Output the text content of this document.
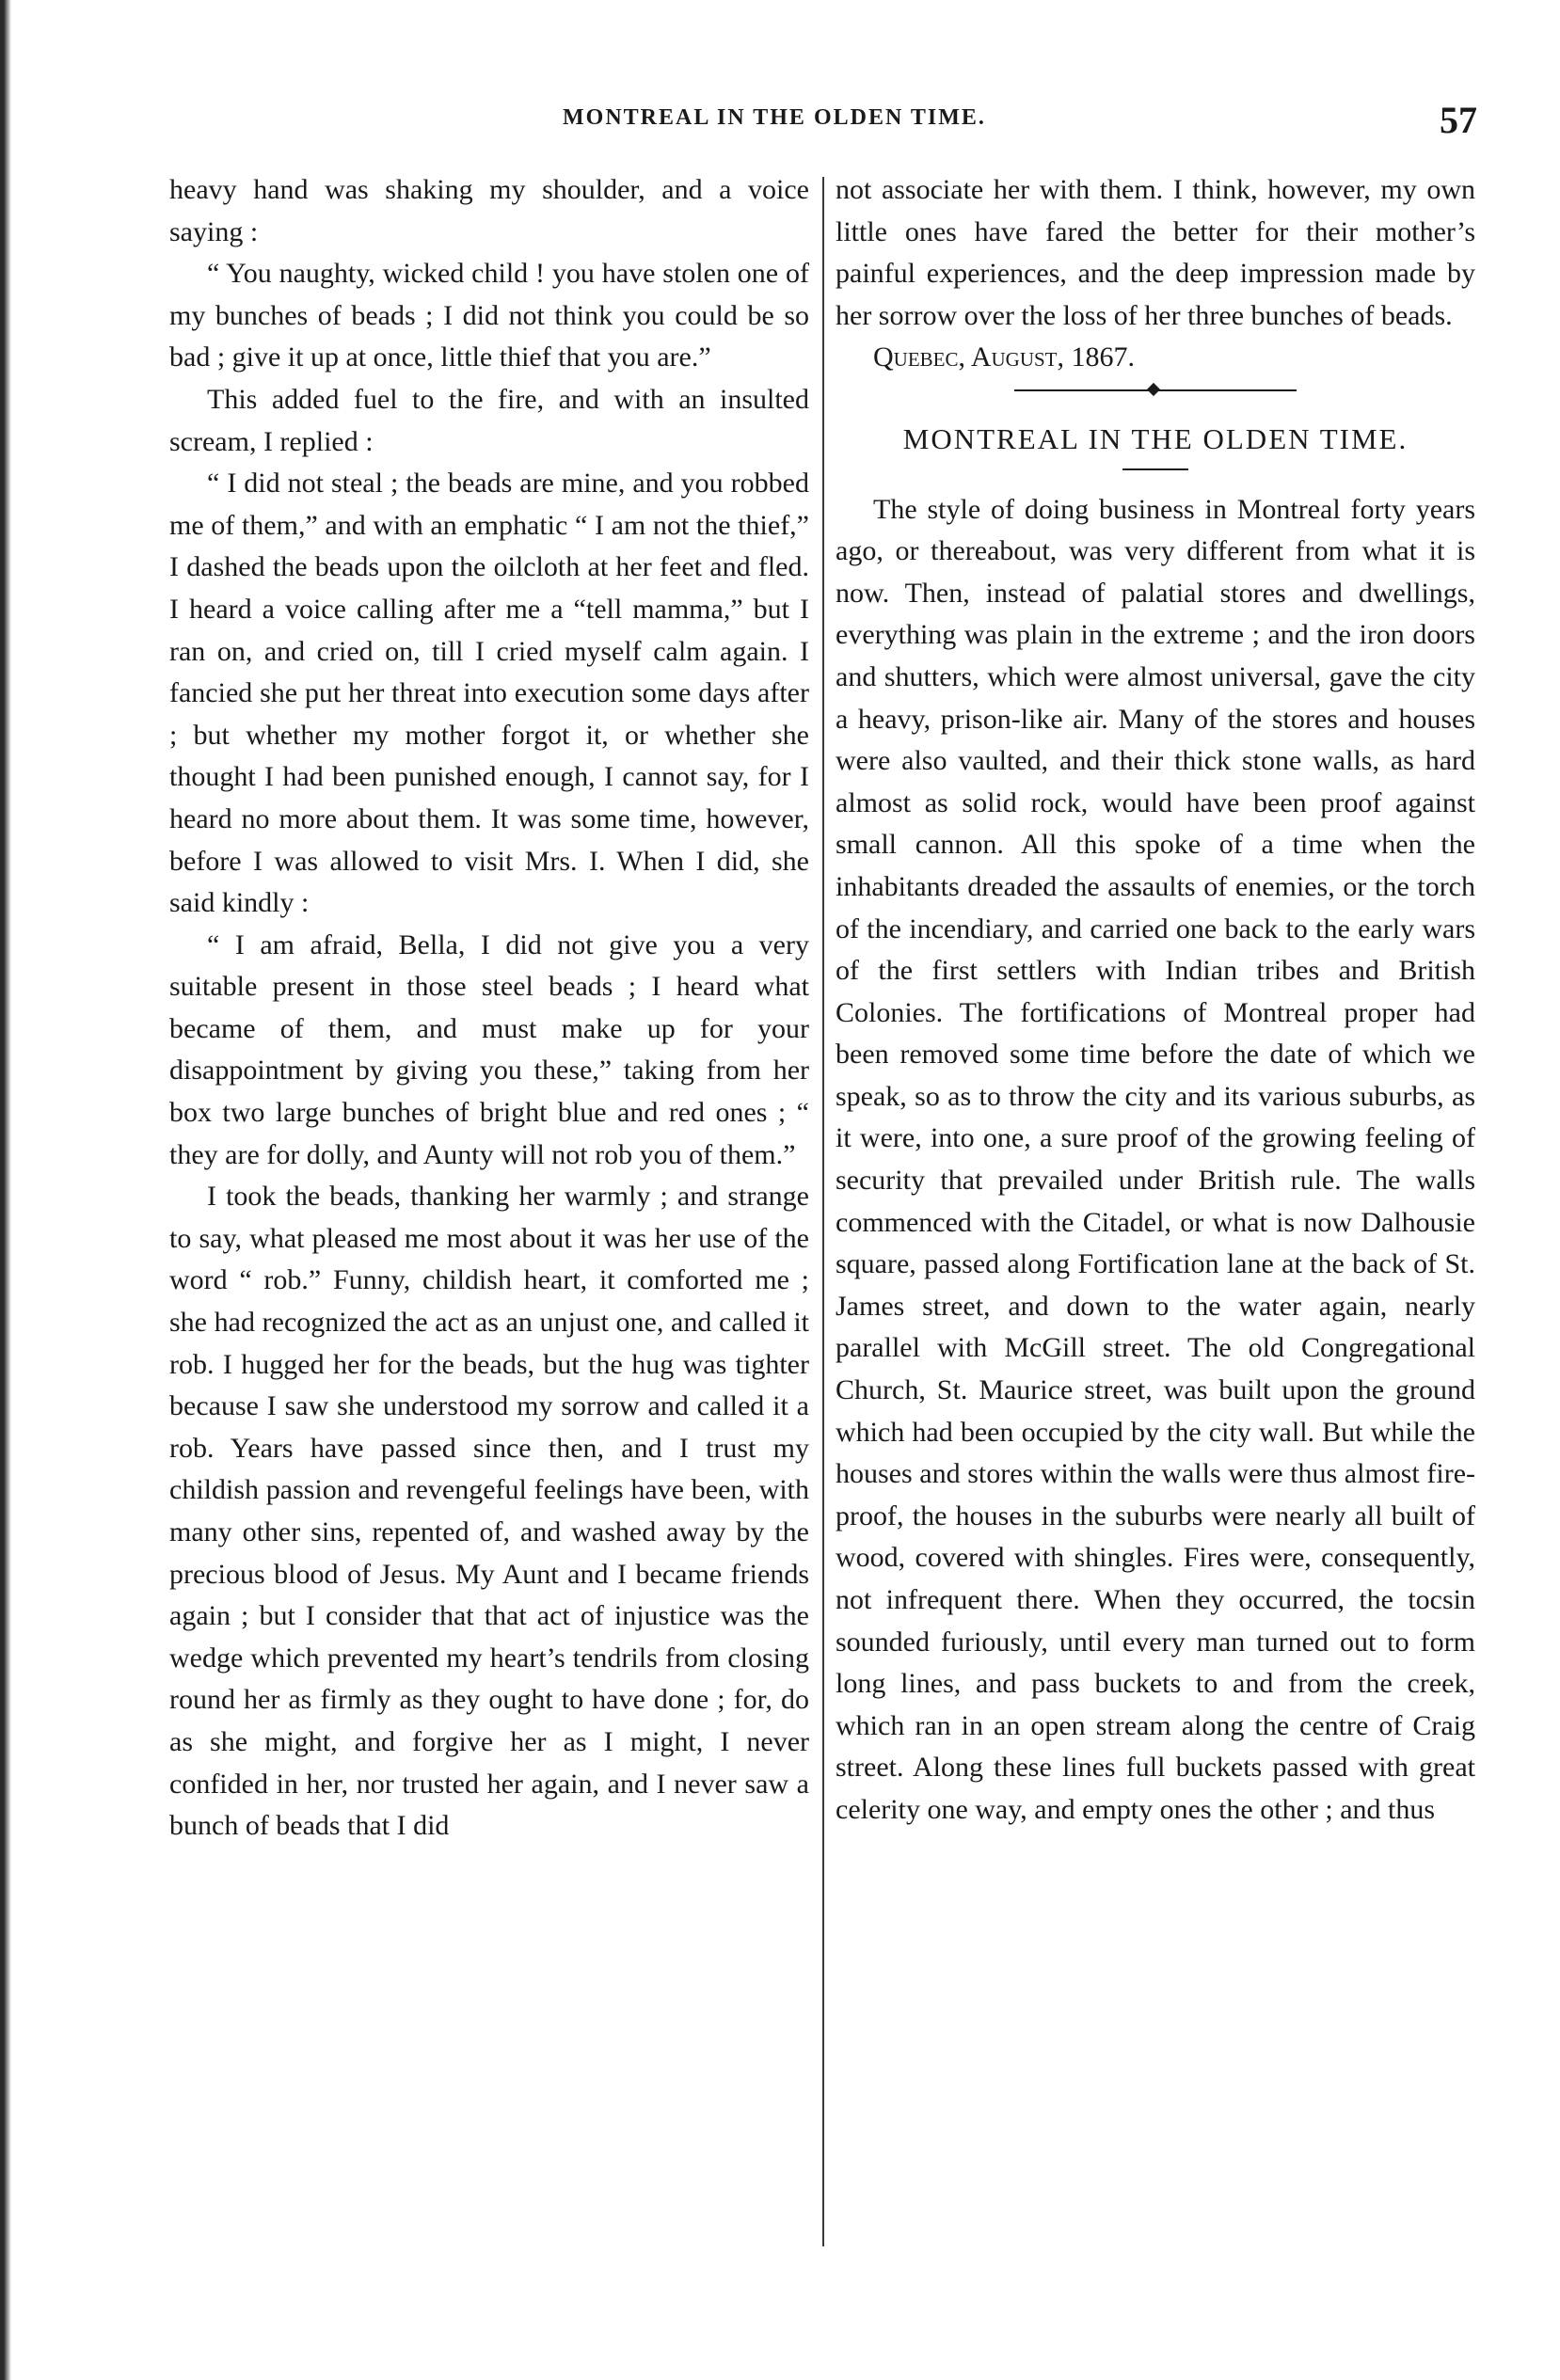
MONTREAL IN THE OLDEN TIME.	57

heavy hand was shaking my shoulder, and a voice saying :

“ You naughty, wicked child ! you have stolen one of my bunches of beads ; I did not think you could be so bad ; give it up at once, little thief that you are.”

This added fuel to the fire, and with an insulted scream, I replied :

“ I did not steal ; the beads are mine, and you robbed me of them,” and with an emphatic “ I am not the thief,” I dashed the beads upon the oilcloth at her feet and fled. I heard a voice calling after me a “tell mamma,” but I ran on, and cried on, till I cried myself calm again. I fancied she put her threat into execution some days after ; but whether my mother forgot it, or whether she thought I had been punished enough, I cannot say, for I heard no more about them. It was some time, however, before I was allowed to visit Mrs. I. When I did, she said kindly :

“ I am afraid, Bella, I did not give you a very suitable present in those steel beads ; I heard what became of them, and must make up for your disappointment by giving you these,” taking from her box two large bunches of bright blue and red ones ; “ they are for dolly, and Aunty will not rob you of them.”

I took the beads, thanking her warmly ; and strange to say, what pleased me most about it was her use of the word “ rob.” Funny, childish heart, it comforted me ; she had recognized the act as an unjust one, and called it rob. I hugged her for the beads, but the hug was tighter because I saw she understood my sorrow and called it a rob. Years have passed since then, and I trust my childish passion and revengeful feelings have been, with many other sins, repented of, and washed away by the precious blood of Jesus. My Aunt and I became friends again ; but I consider that that act of injustice was the wedge which prevented my heart’s tendrils from closing round her as firmly as they ought to have done ; for, do as she might, and forgive her as I might, I never confided in her, nor trusted her again, and I never saw a bunch of beads that I did

not associate her with them. I think, however, my own little ones have fared the better for their mother’s painful experiences, and the deep impression made by her sorrow over the loss of her three bunches of beads.

Quebec, August, 1867.

MONTREAL IN THE OLDEN TIME.

The style of doing business in Montreal forty years ago, or thereabout, was very different from what it is now. Then, instead of palatial stores and dwellings, everything was plain in the extreme ; and the iron doors and shutters, which were almost universal, gave the city a heavy, prison-like air. Many of the stores and houses were also vaulted, and their thick stone walls, as hard almost as solid rock, would have been proof against small cannon. All this spoke of a time when the inhabitants dreaded the assaults of enemies, or the torch of the incendiary, and carried one back to the early wars of the first settlers with Indian tribes and British Colonies. The fortifications of Montreal proper had been removed some time before the date of which we speak, so as to throw the city and its various suburbs, as it were, into one, a sure proof of the growing feeling of security that prevailed under British rule. The walls commenced with the Citadel, or what is now Dalhousie square, passed along Fortification lane at the back of St. James street, and down to the water again, nearly parallel with McGill street. The old Congregational Church, St. Maurice street, was built upon the ground which had been occupied by the city wall. But while the houses and stores within the walls were thus almost fire-proof, the houses in the suburbs were nearly all built of wood, covered with shingles. Fires were, consequently, not infrequent there. When they occurred, the tocsin sounded furiously, until every man turned out to form long lines, and pass buckets to and from the creek, which ran in an open stream along the centre of Craig street. Along these lines full buckets passed with great celerity one way, and empty ones the other ; and thus
